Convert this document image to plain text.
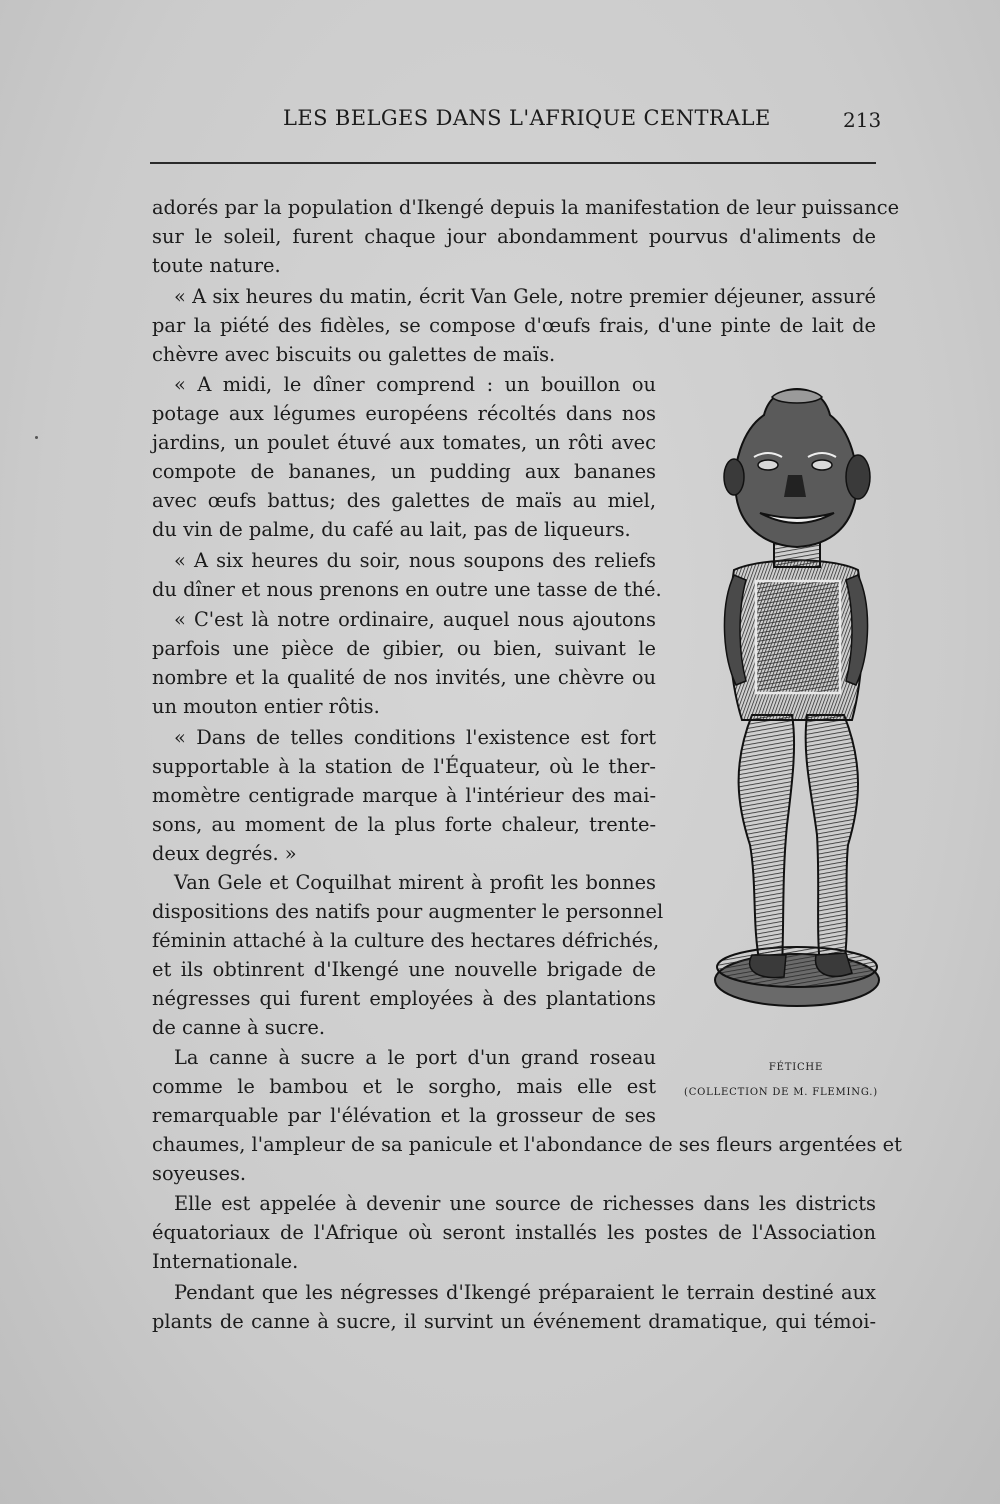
LES BELGES DANS L'AFRIQUE CENTRALE	213
adorés par la population d'Ikengé depuis la manifestation de leur puissance
sur le soleil, furent chaque jour abondamment pourvus d'aliments de
toute nature.
« A six heures du matin, écrit Van Gele, notre premier déjeuner, assuré
par la piété des fidèles, se compose d'œufs frais, d'une pinte de lait de
chèvre avec biscuits ou galettes de maïs.
« A midi, le dîner comprend : un bouillon ou
potage aux légumes européens récoltés dans nos
jardins, un poulet étuvé aux tomates, un rôti avec
compote de bananes, un pudding aux bananes
avec œufs battus; des galettes de maïs au miel,
du vin de palme, du café au lait, pas de liqueurs.
« A six heures du soir, nous soupons des reliefs
du dîner et nous prenons en outre une tasse de thé.
« C'est là notre ordinaire, auquel nous ajoutons
parfois une pièce de gibier, ou bien, suivant le
nombre et la qualité de nos invités, une chèvre ou
un mouton entier rôtis.
« Dans de telles conditions l'existence est fort
supportable à la station de l'Équateur, où le ther-
momètre centigrade marque à l'intérieur des mai-
sons, au moment de la plus forte chaleur, trente-
deux degrés. »
Van Gele et Coquilhat mirent à profit les bonnes
dispositions des natifs pour augmenter le personnel
féminin attaché à la culture des hectares défrichés,
et ils obtinrent d'Ikengé une nouvelle brigade de
négresses qui furent employées à des plantations
de canne à sucre.
La canne à sucre a le port d'un grand roseau
comme le bambou et le sorgho, mais elle est
remarquable par l'élévation et la grosseur de ses
chaumes, l'ampleur de sa panicule et l'abondance de ses fleurs argentées et
soyeuses.
Elle est appelée à devenir une source de richesses dans les districts
équatoriaux de l'Afrique où seront installés les postes de l'Association
Internationale.
Pendant que les négresses d'Ikengé préparaient le terrain destiné aux
plants de canne à sucre, il survint un événement dramatique, qui témoi-
FÉTICHE
(COLLECTION DE M. FLEMING.)
